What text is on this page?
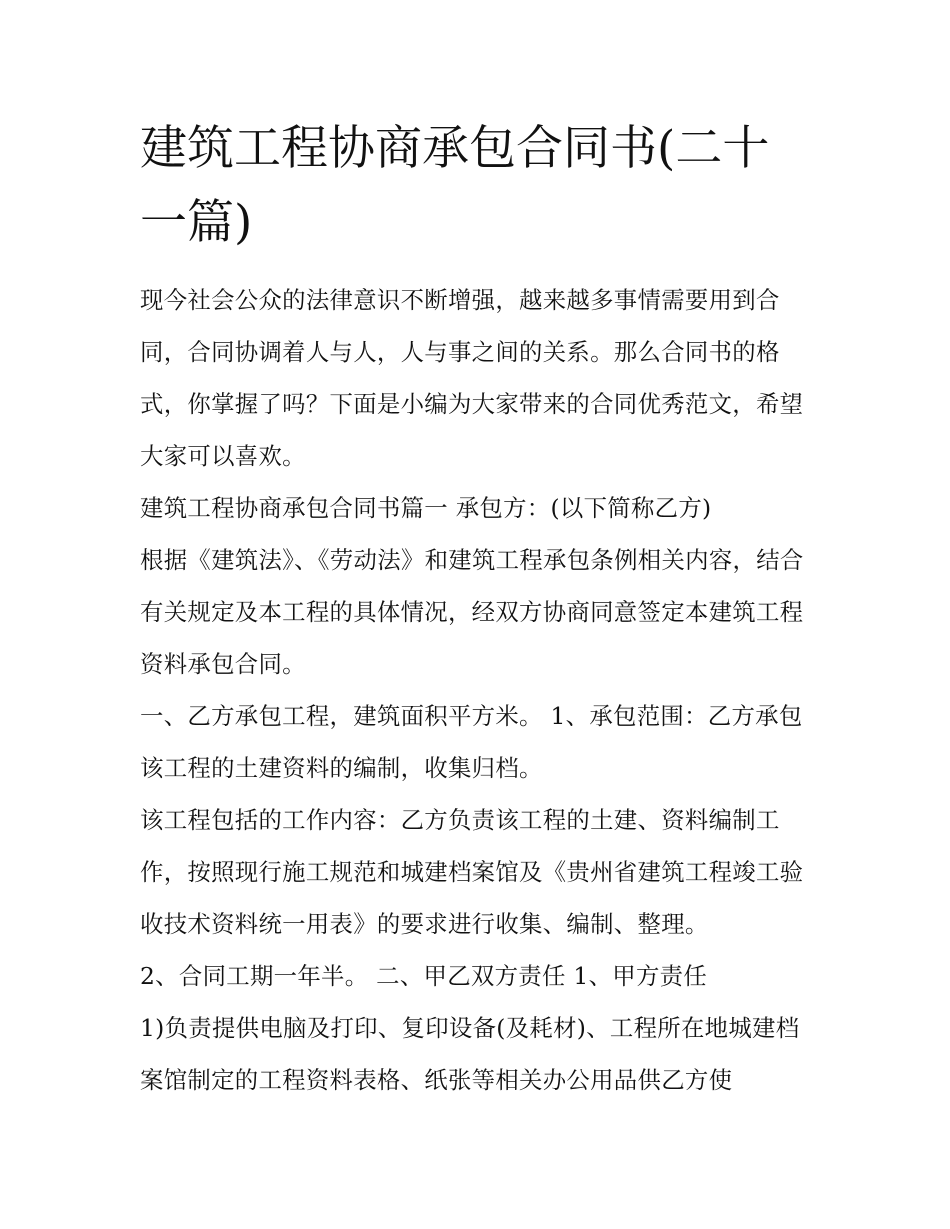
建筑工程协商承包合同书(二十一篇)

现今社会公众的法律意识不断增强，越来越多事情需要用到合同，合同协调着人与人，人与事之间的关系。那么合同书的格式，你掌握了吗？下面是小编为大家带来的合同优秀范文，希望大家可以喜欢。

建筑工程协商承包合同书篇一 承包方：(以下简称乙方)

根据《建筑法》、《劳动法》和建筑工程承包条例相关内容，结合有关规定及本工程的具体情况，经双方协商同意签定本建筑工程资料承包合同。

一、乙方承包工程，建筑面积平方米。 1、承包范围：乙方承包该工程的土建资料的编制，收集归档。

该工程包括的工作内容：乙方负责该工程的土建、资料编制工作，按照现行施工规范和城建档案馆及《贵州省建筑工程竣工验收技术资料统一用表》的要求进行收集、编制、整理。

2、合同工期一年半。 二、甲乙双方责任 1、甲方责任

1)负责提供电脑及打印、复印设备(及耗材)、工程所在地城建档案馆制定的工程资料表格、纸张等相关办公用品供乙方使
